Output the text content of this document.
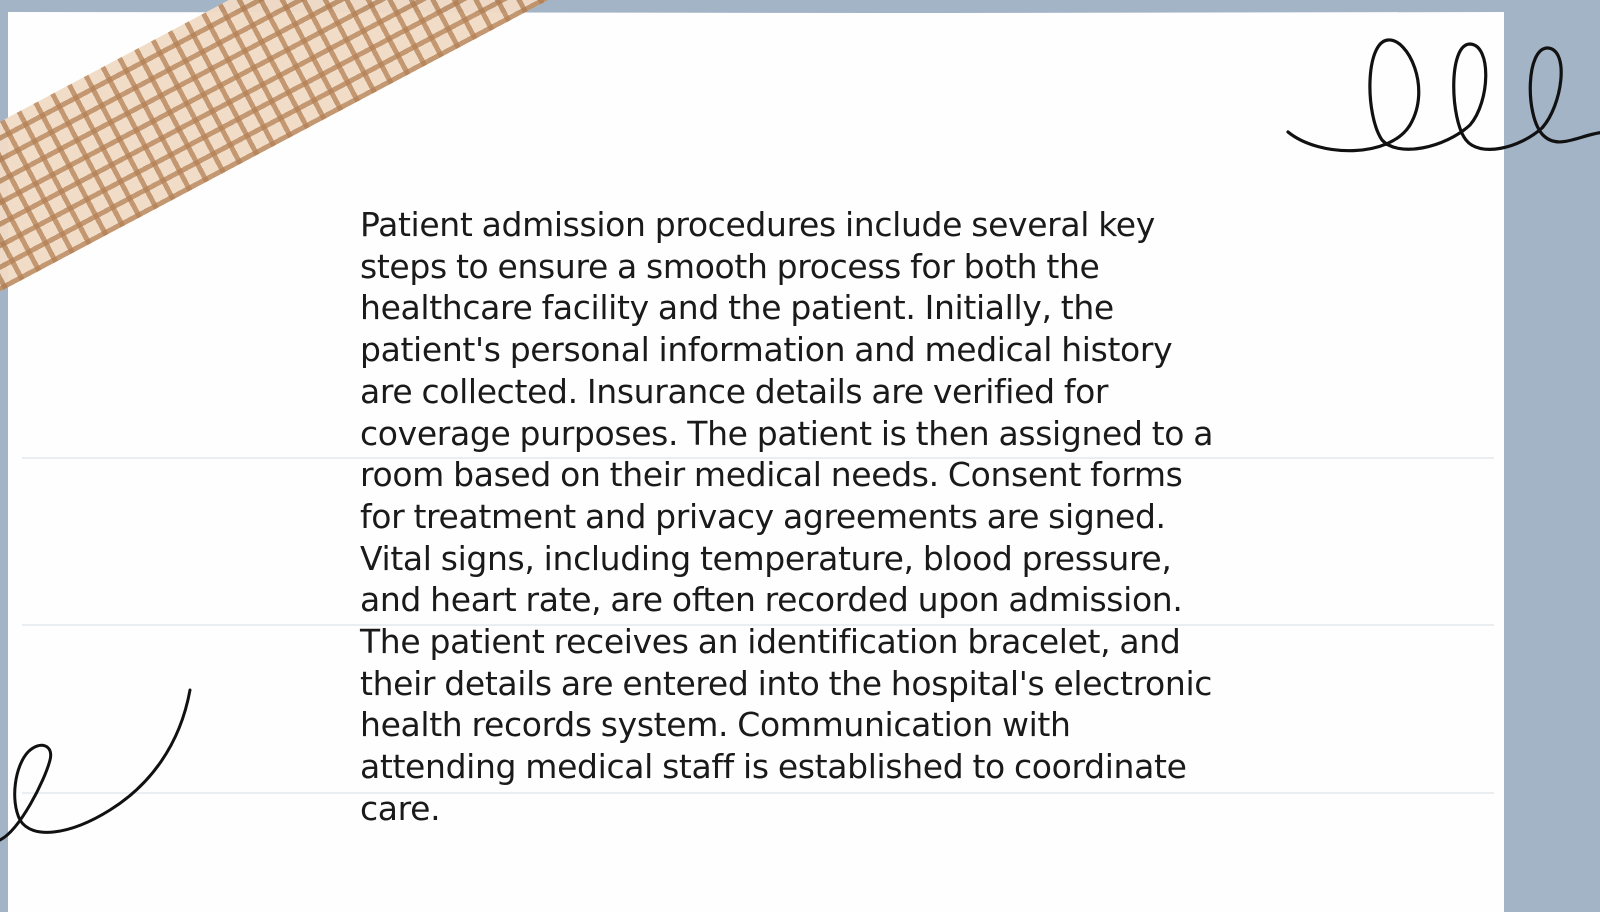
Patient admission procedures include several key
steps to ensure a smooth process for both the
healthcare facility and the patient. Initially, the
patient's personal information and medical history
are collected. Insurance details are verified for
coverage purposes. The patient is then assigned to a
room based on their medical needs. Consent forms
for treatment and privacy agreements are signed.
Vital signs, including temperature, blood pressure,
and heart rate, are often recorded upon admission.
The patient receives an identification bracelet, and
their details are entered into the hospital's electronic
health records system. Communication with
attending medical staff is established to coordinate
care.
